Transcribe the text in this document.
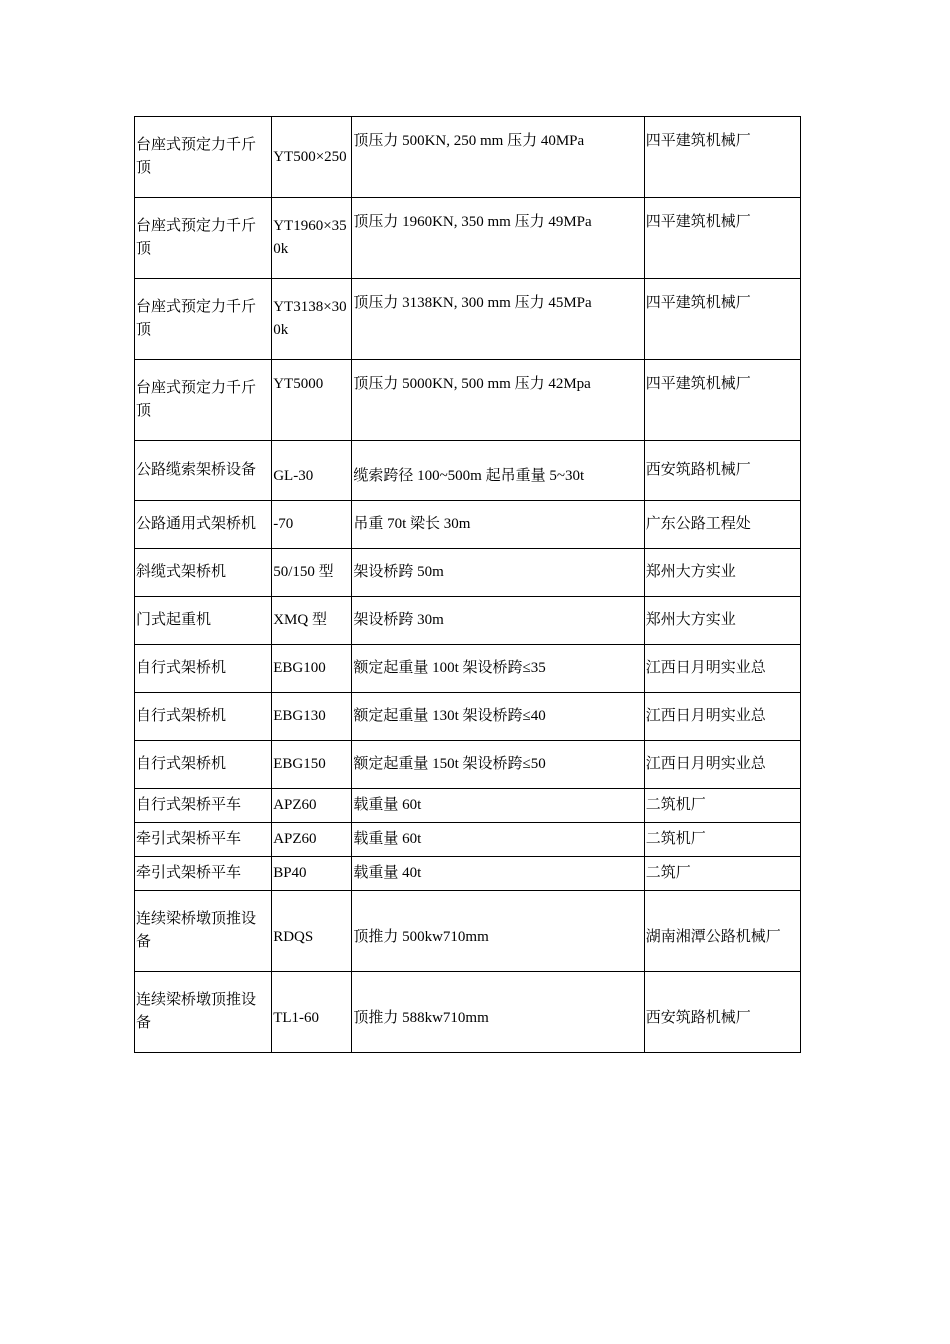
台座式预定力千斤顶	YT500×250	顶压力 500KN, 250 mm 压力 40MPa	四平建筑机械厂
台座式预定力千斤顶	YT1960×350k	顶压力 1960KN, 350 mm 压力 49MPa	四平建筑机械厂
台座式预定力千斤顶	YT3138×300k	顶压力 3138KN, 300 mm 压力 45MPa	四平建筑机械厂
台座式预定力千斤顶	YT5000	顶压力 5000KN, 500 mm 压力 42Mpa	四平建筑机械厂
公路缆索架桥设备	GL-30	缆索跨径 100~500m 起吊重量 5~30t	西安筑路机械厂
公路通用式架桥机	-70	吊重 70t 梁长 30m	广东公路工程处
斜缆式架桥机	50/150 型	架设桥跨 50m	郑州大方实业
门式起重机	XMQ 型	架设桥跨 30m	郑州大方实业
自行式架桥机	EBG100	额定起重量 100t 架设桥跨≤35	江西日月明实业总
自行式架桥机	EBG130	额定起重量 130t 架设桥跨≤40	江西日月明实业总
自行式架桥机	EBG150	额定起重量 150t 架设桥跨≤50	江西日月明实业总
自行式架桥平车	APZ60	载重量 60t	二筑机厂
牵引式架桥平车	APZ60	载重量 60t	二筑机厂
牵引式架桥平车	BP40	载重量 40t	二筑厂
连续梁桥墩顶推设备	RDQS	顶推力 500kw710mm	湖南湘潭公路机械厂
连续梁桥墩顶推设备	TL1-60	顶推力 588kw710mm	西安筑路机械厂
